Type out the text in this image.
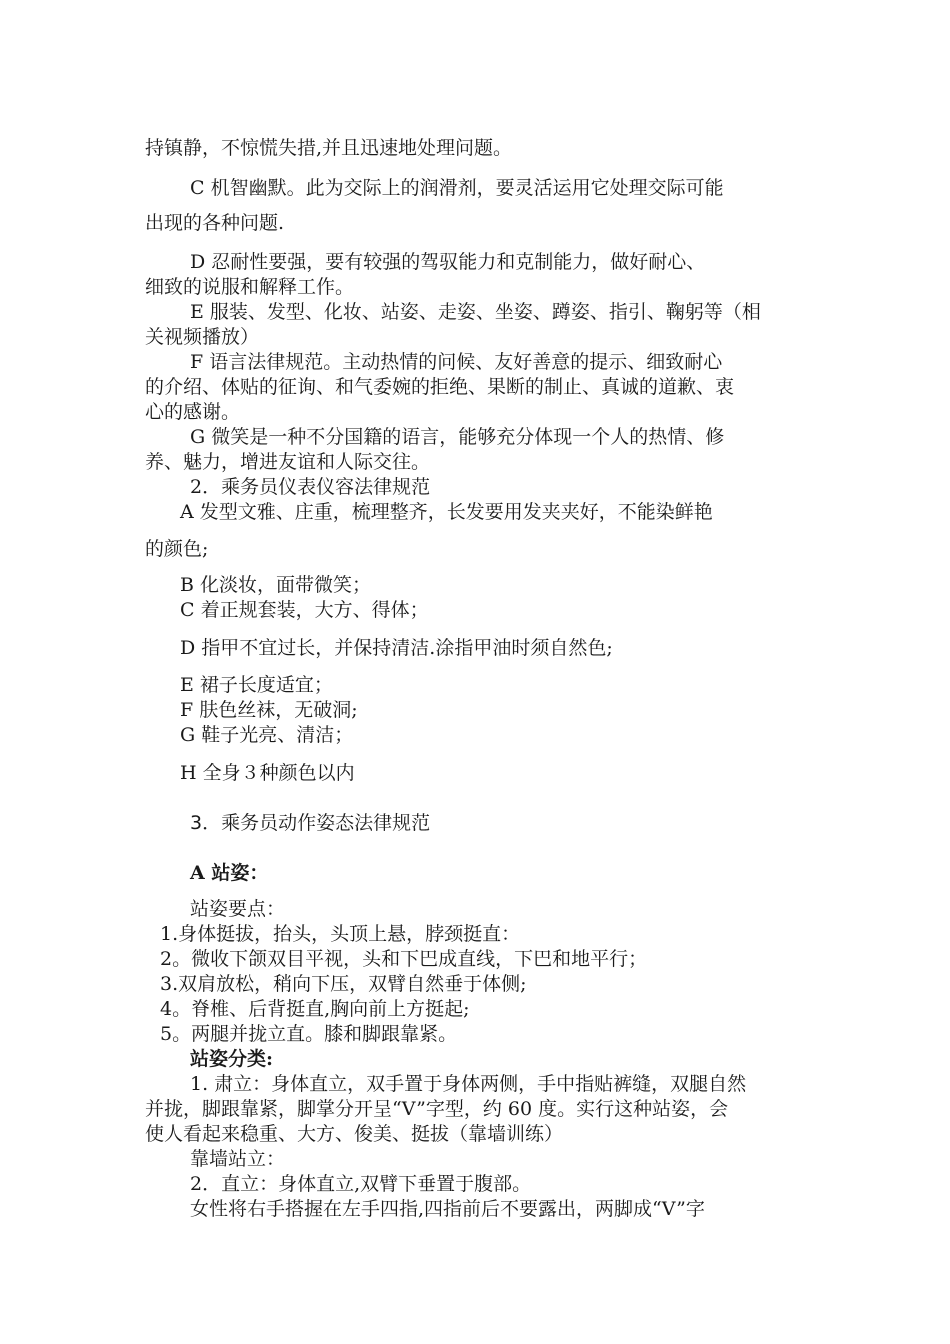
持镇静，不惊慌失措,并且迅速地处理问题。
C 机智幽默。此为交际上的润滑剂，要灵活运用它处理交际可能
出现的各种问题.
D 忍耐性要强，要有较强的驾驭能力和克制能力，做好耐心、
细致的说服和解释工作。
E 服装、发型、化妆、站姿、走姿、坐姿、蹲姿、指引、鞠躬等（相
关视频播放）
F 语言法律规范。主动热情的问候、友好善意的提示、细致耐心
的介绍、体贴的征询、和气委婉的拒绝、果断的制止、真诚的道歉、衷
心的感谢。
G 微笑是一种不分国籍的语言，能够充分体现一个人的热情、修
养、魅力，增进友谊和人际交往。
2．乘务员仪表仪容法律规范
A 发型文雅、庄重，梳理整齐，长发要用发夹夹好，不能染鲜艳
的颜色;
B 化淡妆，面带微笑；
C 着正规套装，大方、得体；
D 指甲不宜过长，并保持清洁.涂指甲油时须自然色;
E 裙子长度适宜；
F 肤色丝袜，无破洞;
G 鞋子光亮、清洁；
H 全身３种颜色以内
3．乘务员动作姿态法律规范
A 站姿：
站姿要点：
1.身体挺拔，抬头，头顶上悬，脖颈挺直：
2。微收下颌双目平视，头和下巴成直线，下巴和地平行；
3.双肩放松，稍向下压，双臂自然垂于体侧;
4。脊椎、后背挺直,胸向前上方挺起;
5。两腿并拢立直。膝和脚跟靠紧。
站姿分类:
1. 肃立：身体直立，双手置于身体两侧，手中指贴裤缝，双腿自然
并拢，脚跟靠紧，脚掌分开呈“V”字型，约 60 度。实行这种站姿，会
使人看起来稳重、大方、俊美、挺拔（靠墙训练）
靠墙站立：
2．直立：身体直立,双臂下垂置于腹部。
女性将右手搭握在左手四指,四指前后不要露出，两脚成“V”字
